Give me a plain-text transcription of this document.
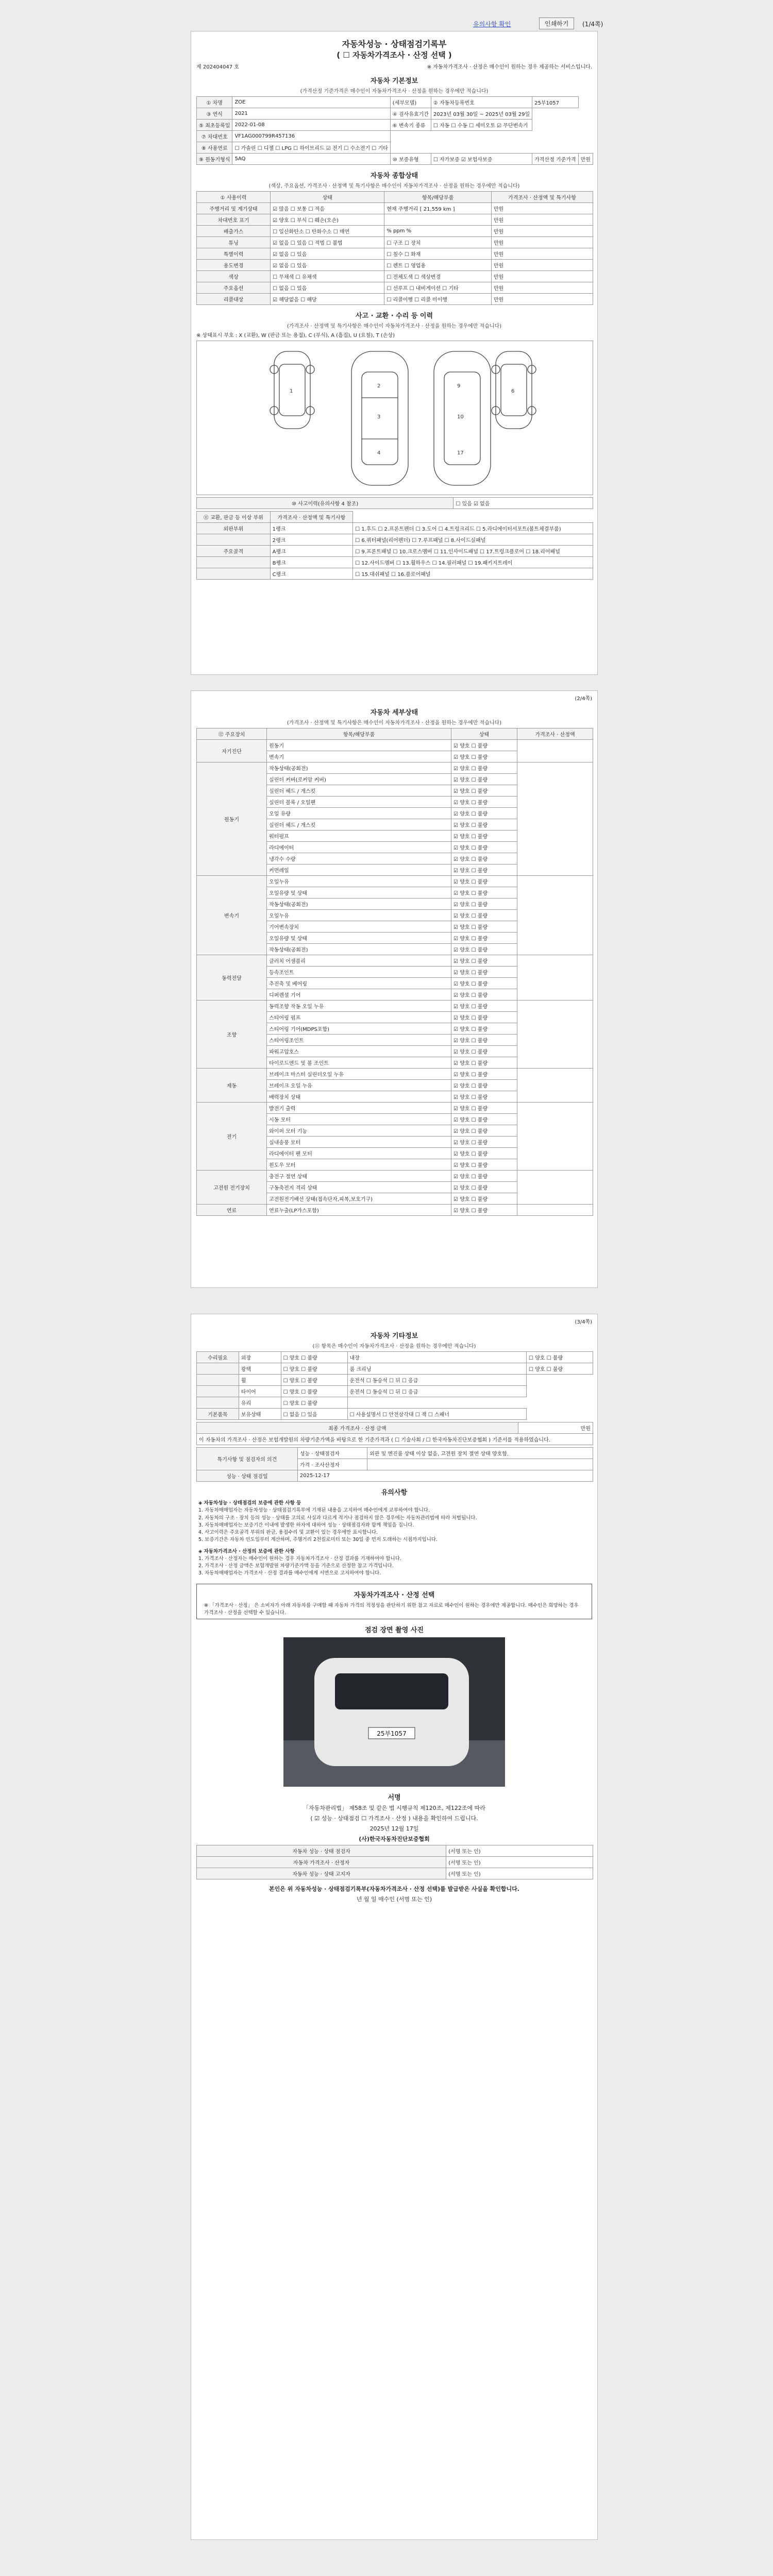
유의사항 확인	인쇄하기	(1/4쪽)
자동차성능 · 상태점검기록부
( ☐ 자동차가격조사 · 산정 선택 )
제 202404047 호	※ 자동차가격조사 · 산정은 매수인이 원하는 경우 제공하는 서비스입니다.
자동차 기본정보
(가격산정 기준가격은 매수인이 자동차가격조사 · 산정을 원하는 경우에만 적습니다)
① 차명	ZOE	(세부모델)	② 자동차등록번호	25부1057	
③ 연식	2021	④ 검사유효기간	2023년 03월 30일 ~ 2025년 03월 29일		
⑤ 최초등록일	2022-01-08	⑥ 변속기 종류	☐ 자동 ☐ 수동 ☐ 세미오토 ☑ 무단변속기		
⑦ 차대번호	VF1AG000799R457136				
⑧ 사용연료	☐ 가솔린 ☐ 디젤 ☐ LPG ☐ 하이브리드 ☑ 전기 ☐ 수소전기 ☐ 기타				
⑨ 원동기형식	5AQ	⑩ 보증유형	☐ 자가보증 ☑ 보험사보증	가격산정 기준가격	만원
자동차 종합상태
(색상, 주요옵션, 가격조사 · 산정액 및 특기사항은 매수인이 자동차가격조사 · 산정을 원하는 경우에만 적습니다)
① 사용이력	상태	항목/해당부품	가격조사 · 산정액 및 특기사항
주행거리 및 계기상태	☑ 많음 ☐ 보통 ☐ 적음	현재 주행거리 [ 21,559 km ]	만원
차대번호 표기	☑ 양호 ☐ 부식 ☐ 훼손(오손)		만원
배출가스	☐ 일산화탄소 ☐ 탄화수소 ☐ 매연	% ppm %	만원
튜닝	☑ 없음 ☐ 있음 ☐ 적법 ☐ 불법	☐ 구조 ☐ 장치	만원
특별이력	☑ 없음 ☐ 있음	☐ 침수 ☐ 화재	만원
용도변경	☑ 없음 ☐ 있음	☐ 렌트 ☐ 영업용	만원
색상	☐ 무채색 ☐ 유채색	☐ 전체도색 ☐ 색상변경	만원
주요옵션	☐ 없음 ☐ 있음	☐ 선루프 ☐ 내비게이션 ☐ 기타	만원
리콜대상	☑ 해당없음 ☐ 해당	☐ 리콜이행 ☐ 리콜 미이행	만원
사고 · 교환 · 수리 등 이력
(가격조사 · 산정액 및 특기사항은 매수인이 자동차가격조사 · 산정을 원하는 경우에만 적습니다)
※ 상태표시 부호 : X (교환), W (판금 또는 용접), C (부식), A (흠집), U (요철), T (손상)
1
2
3
4
9
10
17
6
⑩ 사고이력(유의사항 4 참조)	☐ 있음 ☑ 없음
⑪ 교환, 판금 등 이상 부위	가격조사 · 산정액 및 특기사항	
외판부위	1랭크	☐ 1.후드 ☐ 2.프론트펜더 ☐ 3.도어 ☐ 4.트렁크리드 ☐ 5.라디에이터서포트(볼트체결부품)
	2랭크	☐ 6.쿼터패널(리어펜더) ☐ 7.루프패널 ☐ 8.사이드실패널
주요골격	A랭크	☐ 9.프론트패널 ☐ 10.크로스멤버 ☐ 11.인사이드패널 ☐ 17.트렁크플로어 ☐ 18.리어패널
	B랭크	☐ 12.사이드멤버 ☐ 13.휠하우스 ☐ 14.필러패널 ☐ 19.패키지트레이
	C랭크	☐ 15.대쉬패널 ☐ 16.플로어패널
(2/4쪽)
자동차 세부상태
(가격조사 · 산정액 및 특기사항은 매수인이 자동차가격조사 · 산정을 원하는 경우에만 적습니다)
⑫ 주요장치	항목/해당부품	상태	가격조사 · 산정액
자기진단	원동기	☑ 양호 ☐ 불량	
	변속기	☑ 양호 ☐ 불량	
원동기	작동상태(공회전)	☑ 양호 ☐ 불량	
	실린더 커버(로커암 커버)	☑ 양호 ☐ 불량	
	실린더 헤드 / 개스킷	☑ 양호 ☐ 불량	
	실린더 블록 / 오일팬	☑ 양호 ☐ 불량	
	오일 유량	☑ 양호 ☐ 불량	
	실린더 헤드 / 개스킷	☑ 양호 ☐ 불량	
	워터펌프	☑ 양호 ☐ 불량	
	라디에이터	☑ 양호 ☐ 불량	
	냉각수 수량	☑ 양호 ☐ 불량	
	커먼레일	☑ 양호 ☐ 불량	
변속기	오일누유	☑ 양호 ☐ 불량	
	오일유량 및 상태	☑ 양호 ☐ 불량	
	작동상태(공회전)	☑ 양호 ☐ 불량	
	오일누유	☑ 양호 ☐ 불량	
	기어변속장치	☑ 양호 ☐ 불량	
	오일유량 및 상태	☑ 양호 ☐ 불량	
	작동상태(공회전)	☑ 양호 ☐ 불량	
동력전달	클러치 어셈블리	☑ 양호 ☐ 불량	
	등속조인트	☑ 양호 ☐ 불량	
	추진축 및 베어링	☑ 양호 ☐ 불량	
	디퍼렌셜 기어	☑ 양호 ☐ 불량	
조향	동력조향 작동 오일 누유	☑ 양호 ☐ 불량	
	스티어링 펌프	☑ 양호 ☐ 불량	
	스티어링 기어(MDPS포함)	☑ 양호 ☐ 불량	
	스티어링조인트	☑ 양호 ☐ 불량	
	파워고압호스	☑ 양호 ☐ 불량	
	타이로드엔드 및 볼 조인트	☑ 양호 ☐ 불량	
제동	브레이크 마스터 실린더오일 누유	☑ 양호 ☐ 불량	
	브레이크 오일 누유	☑ 양호 ☐ 불량	
	배력장치 상태	☑ 양호 ☐ 불량	
전기	발전기 출력	☑ 양호 ☐ 불량	
	시동 모터	☑ 양호 ☐ 불량	
	와이퍼 모터 기능	☑ 양호 ☐ 불량	
	실내송풍 모터	☑ 양호 ☐ 불량	
	라디에이터 팬 모터	☑ 양호 ☐ 불량	
	윈도우 모터	☑ 양호 ☐ 불량	
고전원 전기장치	충전구 절연 상태	☑ 양호 ☐ 불량	
	구동축전지 격리 상태	☑ 양호 ☐ 불량	
	고전원전기배선 상태(접속단자,피복,보호기구)	☑ 양호 ☐ 불량	
연료	연료누출(LP가스포함)	☑ 양호 ☐ 불량	
(3/4쪽)
자동차 기타정보
(⑪ 항목은 매수인이 자동차가격조사 · 산정을 원하는 경우에만 적습니다)
수리필요	외장	☐ 양호 ☐ 불량	내장	☐ 양호 ☐ 불량
	광택	☐ 양호 ☐ 불량	룸 크리닝	☐ 양호 ☐ 불량
	휠	☐ 양호 ☐ 불량	운전석 ☐ 동승석 ☐ 뒤 ☐ 응급	
	타이어	☐ 양호 ☐ 불량	운전석 ☐ 동승석 ☐ 뒤 ☐ 응급	
	유리	☐ 양호 ☐ 불량		
기본품목	보유상태	☐ 없음 ☐ 있음	☐ 사용설명서 ☐ 안전삼각대 ☐ 잭 ☐ 스패너	
최종 가격조사 · 산정 금액	만원
이 자동차의 가격조사 · 산정은 보험개발원의 차량기준가액을 바탕으로 한 기준가격과 ( ☐ 기술사회 / ☐ 한국자동차진단보증협회 ) 기준서를 적용하였습니다.
특기사항 및 점검자의 의견	성능 · 상태점검자	외관 및 엔진룸 상태 이상 없음, 고전원 장치 절연 상태 양호함.
	가격 · 조사산정자	
성능 · 상태 점검일	2025-12-17	
유의사항
◈ 자동차성능 · 상태점검의 보증에 관한 사항 등
1. 자동차매매업자는 자동차성능 · 상태점검기록부에 기재된 내용을 고지하여 매수인에게 교부하여야 합니다.
2. 자동차의 구조 · 장치 등의 성능 · 상태를 고의로 사실과 다르게 적거나 점검하지 않은 경우에는 자동차관리법에 따라 처벌됩니다.
3. 자동차매매업자는 보증기간 이내에 발생한 하자에 대하여 성능 · 상태점검자와 함께 책임을 집니다.
4. 사고이력은 주요골격 부위의 판금, 용접수리 및 교환이 있는 경우에만 표시합니다.
5. 보증기간은 자동차 인도일부터 계산하며, 주행거리 2천킬로미터 또는 30일 중 먼저 도래하는 시점까지입니다.
◈ 자동차가격조사 · 산정의 보증에 관한 사항
1. 가격조사 · 산정자는 매수인이 원하는 경우 자동차가격조사 · 산정 결과를 기재하여야 합니다.
2. 가격조사 · 산정 금액은 보험개발원 차량기준가액 등을 기준으로 산정한 참고 가격입니다.
3. 자동차매매업자는 가격조사 · 산정 결과를 매수인에게 서면으로 고지하여야 합니다.
자동차가격조사 · 산정 선택
※ 「가격조사 · 산정」 은 소비자가 아래 자동차를 구매할 때 자동차 가격의 적정성을 판단하기 위한 참고 자료로 매수인이 원하는 경우에만 제공합니다. 매수인은 희망하는 경우 가격조사 · 산정을 선택할 수 있습니다.
점검 장면 촬영 사진
25부1057
서명
「자동차관리법」 제58조 및 같은 법 시행규칙 제120조, 제122조에 따라
( ☑ 성능 · 상태점검 ☐ 가격조사 · 산정 ) 내용을 확인하여 드립니다.
2025년 12월 17일
(사)한국자동차진단보증협회
자동차 성능 · 상태 점검자	(서명 또는 인)
자동차 가격조사 · 산정자	(서명 또는 인)
자동차 성능 · 상태 고지자	(서명 또는 인)
본인은 위 자동차성능 · 상태점검기록부(자동차가격조사 · 산정 선택)를 발급받은 사실을 확인합니다.
년 월 일 매수인 (서명 또는 인)
